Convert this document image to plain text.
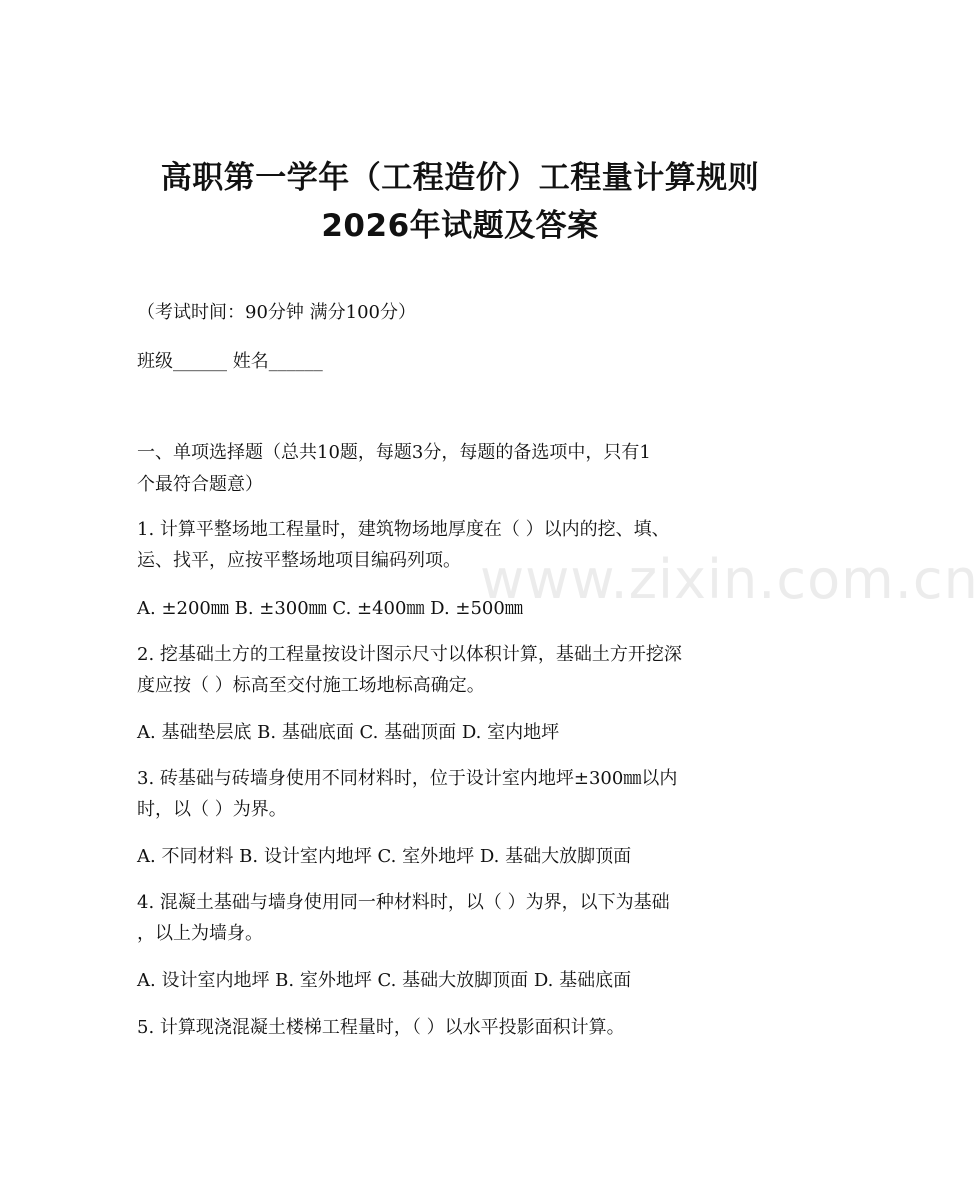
高职第一学年（工程造价）工程量计算规则
2026年试题及答案
（考试时间：90分钟 满分100分）
班级______ 姓名______
一、单项选择题（总共10题，每题3分，每题的备选项中，只有1
个最符合题意）
1. 计算平整场地工程量时，建筑物场地厚度在（ ）以内的挖、填、
运、找平，应按平整场地项目编码列项。
A. ±200㎜ B. ±300㎜ C. ±400㎜ D. ±500㎜
2. 挖基础土方的工程量按设计图示尺寸以体积计算，基础土方开挖深
度应按（ ）标高至交付施工场地标高确定。
A. 基础垫层底 B. 基础底面 C. 基础顶面 D. 室内地坪
3. 砖基础与砖墙身使用不同材料时，位于设计室内地坪±300㎜以内
时，以（ ）为界。
A. 不同材料 B. 设计室内地坪 C. 室外地坪 D. 基础大放脚顶面
4. 混凝土基础与墙身使用同一种材料时，以（ ）为界，以下为基础
，以上为墙身。
A. 设计室内地坪 B. 室外地坪 C. 基础大放脚顶面 D. 基础底面
5. 计算现浇混凝土楼梯工程量时，（ ）以水平投影面积计算。
www.zixin.com.cn
